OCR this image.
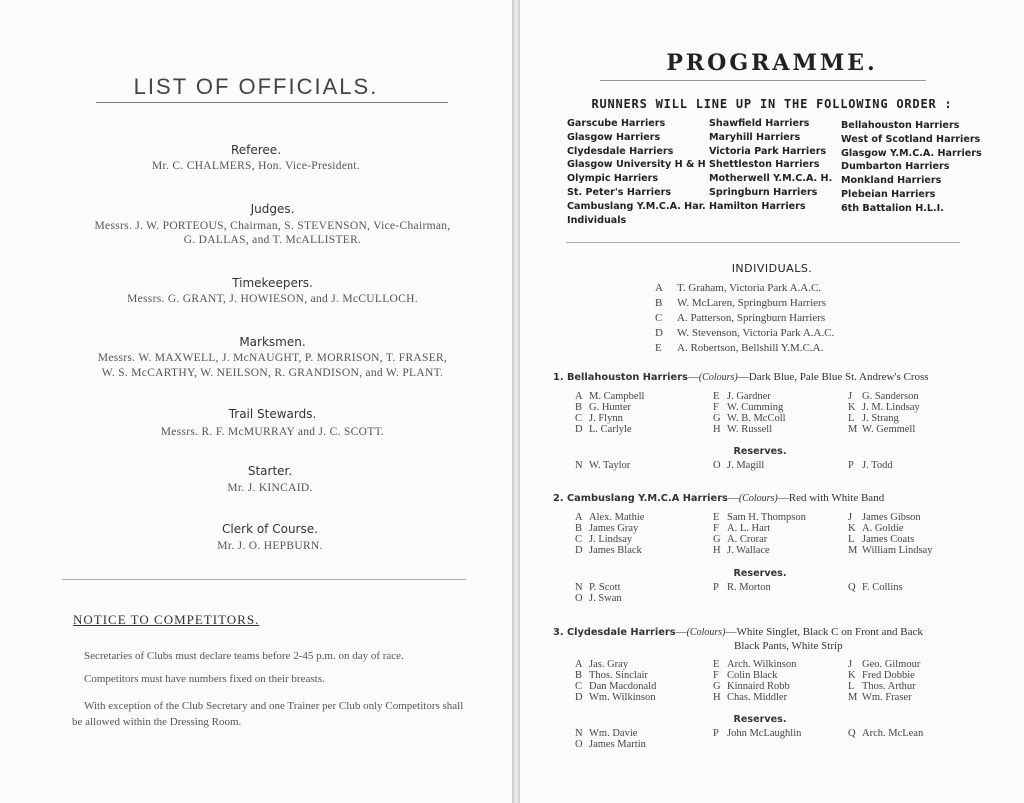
LIST OF OFFICIALS.
Referee.
Mr. C. CHALMERS, Hon. Vice-President.
Judges.
Messrs. J. W. PORTEOUS, Chairman, S. STEVENSON, Vice-Chairman,
G. DALLAS, and T. McALLISTER.
Timekeepers.
Messrs. G. GRANT, J. HOWIESON, and J. McCULLOCH.
Marksmen.
Messrs. W. MAXWELL, J. McNAUGHT, P. MORRISON, T. FRASER,
W. S. McCARTHY, W. NEILSON, R. GRANDISON, and W. PLANT.
Trail Stewards.
Messrs. R. F. McMURRAY and J. C. SCOTT.
Starter.
Mr. J. KINCAID.
Clerk of Course.
Mr. J. O. HEPBURN.
NOTICE TO COMPETITORS.
Secretaries of Clubs must declare teams before 2-45 p.m. on day of race.
Competitors must have numbers fixed on their breasts.
With exception of the Club Secretary and one Trainer per Club only Competitors shall be allowed within the Dressing Room.
PROGRAMME.
RUNNERS WILL LINE UP IN THE FOLLOWING ORDER :
Garscube Harriers
Glasgow Harriers
Clydesdale Harriers
Glasgow University H & H
Olympic Harriers
St. Peter's Harriers
Cambuslang Y.M.C.A. Har.
Individuals
Shawfield Harriers
Maryhill Harriers
Victoria Park Harriers
Shettleston Harriers
Motherwell Y.M.C.A. H.
Springburn Harriers
Hamilton Harriers
Bellahouston Harriers
West of Scotland Harriers
Glasgow Y.M.C.A. Harriers
Dumbarton Harriers
Monkland Harriers
Plebeian Harriers
6th Battalion H.L.I.
INDIVIDUALS.
A T. Graham, Victoria Park A.A.C.
B W. McLaren, Springburn Harriers
C A. Patterson, Springburn Harriers
D W. Stevenson, Victoria Park A.A.C.
E A. Robertson, Bellshill Y.M.C.A.
1. Bellahouston Harriers—(Colours)—Dark Blue, Pale Blue St. Andrew's Cross
A M. Campbell
B G. Hunter
C J. Flynn
D L. Carlyle
E J. Gardner
F W. Cumming
G W. B. McColl
H W. Russell
J G. Sanderson
K J. M. Lindsay
L J. Strang
M W. Gemmell
Reserves.
N W. Taylor	O J. Magill	P J. Todd
2. Cambuslang Y.M.C.A Harriers—(Colours)—Red with White Band
A Alex. Mathie
B James Gray
C J. Lindsay
D James Black
E Sam H. Thompson
F A. L. Hart
G A. Crorar
H J. Wallace
J James Gibson
K A. Goldie
L James Coats
M William Lindsay
Reserves.
N P. Scott
O J. Swan
P R. Morton	Q F. Collins
3. Clydesdale Harriers—(Colours)—White Singlet, Black C on Front and Back
Black Pants, White Strip
A Jas. Gray
B Thos. Sinclair
C Dan Macdonald
D Wm. Wilkinson
E Arch. Wilkinson
F Colin Black
G Kinnaird Robb
H Chas. Middler
J Geo. Gilmour
K Fred Dobbie
L Thos. Arthur
M Wm. Fraser
Reserves.
N Wm. Davie
O James Martin
P John McLaughlin	Q Arch. McLean
